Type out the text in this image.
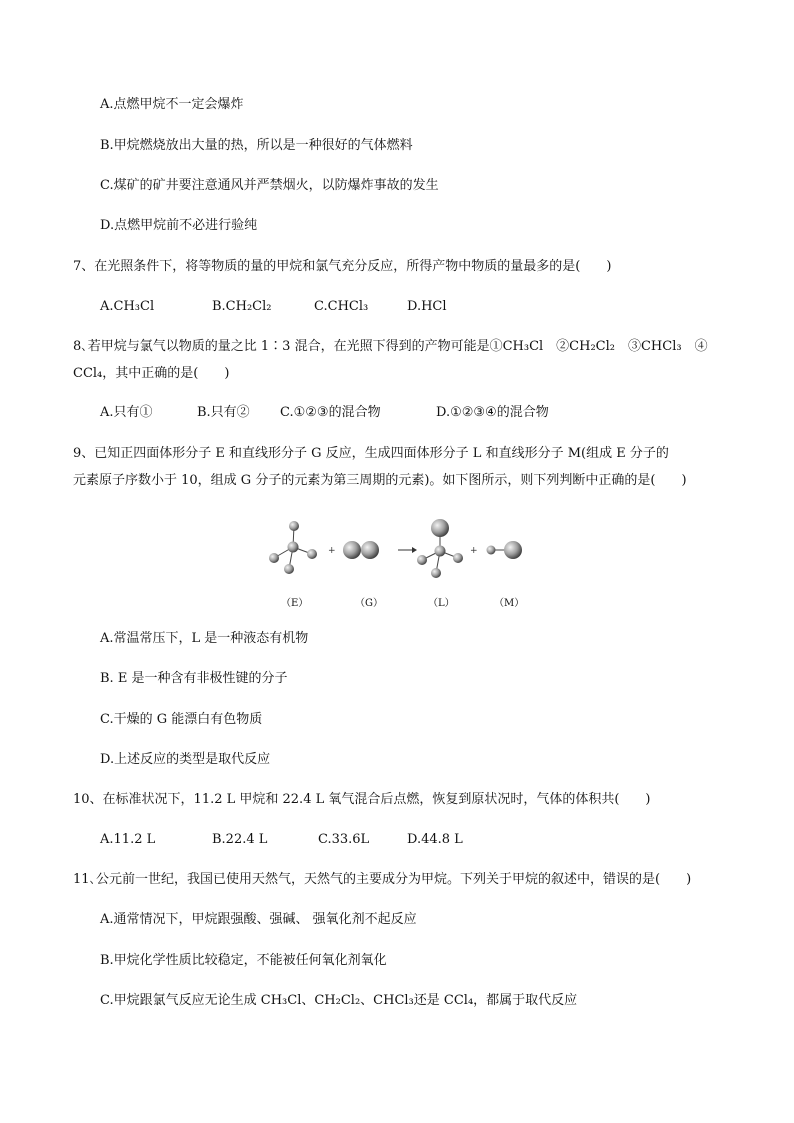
A.点燃甲烷不一定会爆炸
B.甲烷燃烧放出大量的热，所以是一种很好的气体燃料
C.煤矿的矿井要注意通风并严禁烟火，以防爆炸事故的发生
D.点燃甲烷前不必进行验纯
7、在光照条件下，将等物质的量的甲烷和氯气充分反应，所得产物中物质的量最多的是(　　)
A.CH₃Cl	B.CH₂Cl₂	C.CHCl₃	D.HCl
8､若甲烷与氯气以物质的量之比 1∶3 混合，在光照下得到的产物可能是①CH₃Cl　②CH₂Cl₂　③CHCl₃　④
CCl₄，其中正确的是(　　)
A.只有①	B.只有② C.①②③的混合物	D.①②③④的混合物
9、已知正四面体形分子 E 和直线形分子 G 反应，生成四面体形分子 L 和直线形分子 M(组成 E 分子的
元素原子序数小于 10，组成 G 分子的元素为第三周期的元素)。如下图所示，则下列判断中正确的是(　　)
+	+
（E）	（G）	（L）	（M）
A.常温常压下，L 是一种液态有机物
B. E 是一种含有非极性键的分子
C.干燥的 G 能漂白有色物质
D.上述反应的类型是取代反应
10、在标准状况下，11.2 L 甲烷和 22.4 L 氧气混合后点燃，恢复到原状况时，气体的体积共(　　)
A.11.2 L	B.22.4 L	C.33.6L	D.44.8 L
11､公元前一世纪，我国已使用天然气，天然气的主要成分为甲烷。下列关于甲烷的叙述中，错误的是(　　)
A.通常情况下，甲烷跟强酸、强碱、 强氧化剂不起反应
B.甲烷化学性质比较稳定，不能被任何氧化剂氧化
C.甲烷跟氯气反应无论生成 CH₃Cl、CH₂Cl₂、CHCl₃还是 CCl₄，都属于取代反应
